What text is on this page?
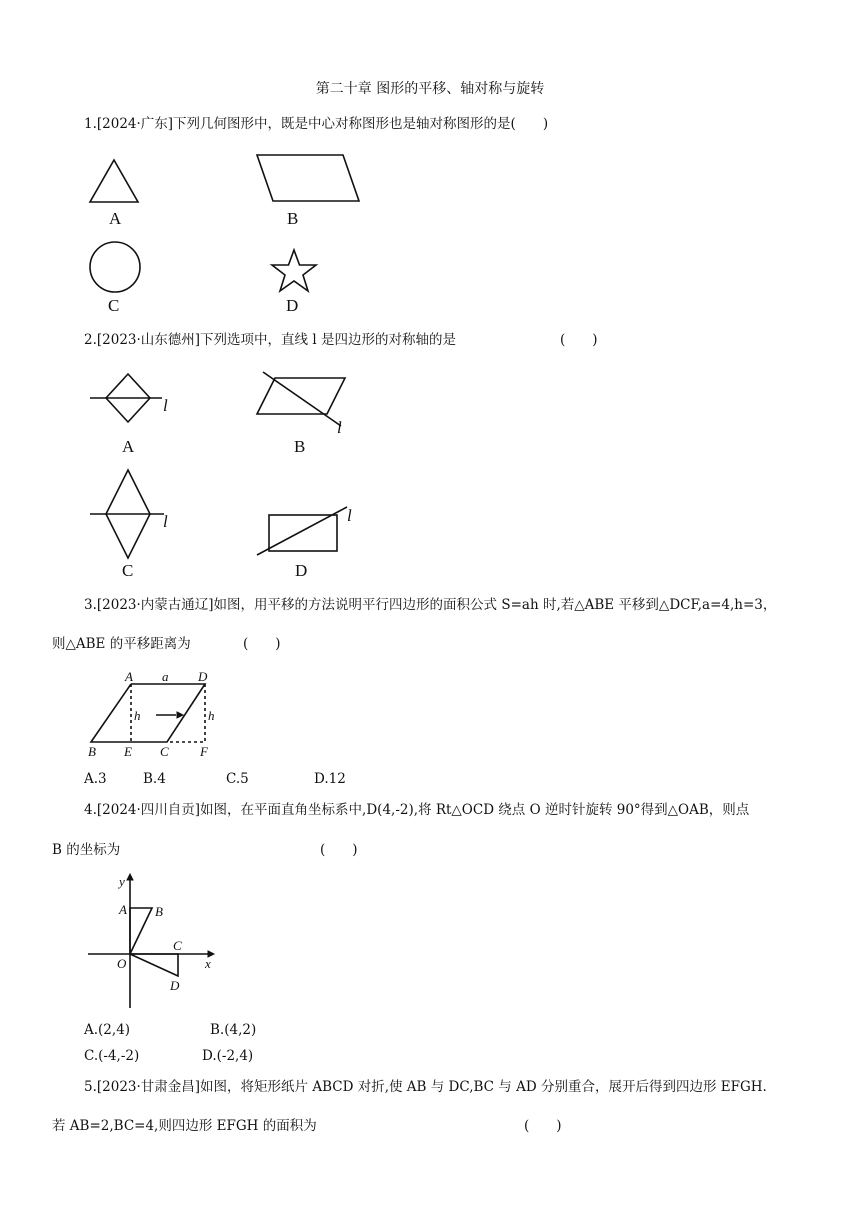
第二十章 图形的平移、轴对称与旋转
1.[2024·广东]下列几何图形中，既是中心对称图形也是轴对称图形的是(　　)
A	B
C	D
2.[2023·山东德州]下列选项中，直线 l 是四边形的对称轴的是	(　　)
l
A
l
B
l
C
l
D
3.[2023·内蒙古通辽]如图，用平移的方法说明平行四边形的面积公式 S=ah 时,若△ABE 平移到△DCF,a=4,h=3，
则△ABE 的平移距离为	(　　)
A a D
h	h
B E C F
A.3	B.4	C.5	D.12
4.[2024·四川自贡]如图，在平面直角坐标系中,D(4,-2),将 Rt△OCD 绕点 O 逆时针旋转 90°得到△OAB，则点
B 的坐标为	(　　)
y
x
O
A B
C
D
A.(2,4)	B.(4,2)
C.(-4,-2)	D.(-2,4)
5.[2023·甘肃金昌]如图，将矩形纸片 ABCD 对折,使 AB 与 DC,BC 与 AD 分别重合，展开后得到四边形 EFGH.
若 AB=2,BC=4,则四边形 EFGH 的面积为	(　　)
